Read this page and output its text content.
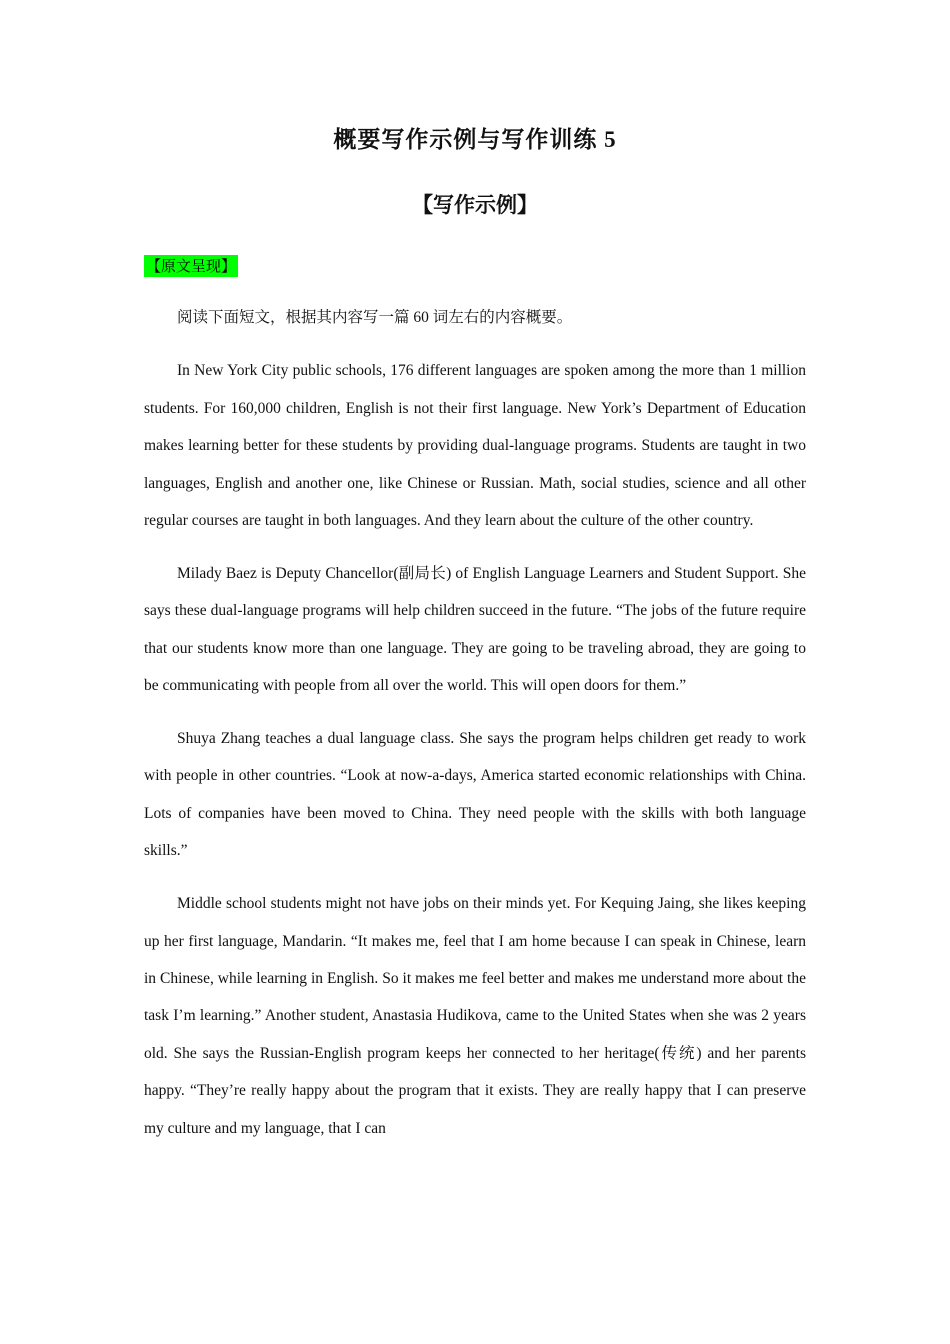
概要写作示例与写作训练 5
【写作示例】
【原文呈现】

阅读下面短文，根据其内容写一篇 60 词左右的内容概要。

In New York City public schools, 176 different languages are spoken among the more than 1 million students. For 160,000 children, English is not their first language. New York’s Department of Education makes learning better for these students by providing dual-language programs. Students are taught in two languages, English and another one, like Chinese or Russian. Math, social studies, science and all other regular courses are taught in both languages. And they learn about the culture of the other country.

Milady Baez is Deputy Chancellor(副局长) of English Language Learners and Student Support. She says these dual-language programs will help children succeed in the future. “The jobs of the future require that our students know more than one language. They are going to be traveling abroad, they are going to be communicating with people from all over the world. This will open doors for them.”

Shuya Zhang teaches a dual language class. She says the program helps children get ready to work with people in other countries. “Look at now-a-days, America started economic relationships with China. Lots of companies have been moved to China. They need people with the skills with both language skills.”

Middle school students might not have jobs on their minds yet. For Kequing Jaing, she likes keeping up her first language, Mandarin. “It makes me, feel that I am home because I can speak in Chinese, learn in Chinese, while learning in English. So it makes me feel better and makes me understand more about the task I’m learning.” Another student, Anastasia Hudikova, came to the United States when she was 2 years old. She says the Russian-English program keeps her connected to her heritage(传统) and her parents happy. “They’re really happy about the program that it exists. They are really happy that I can preserve my culture and my language, that I can
